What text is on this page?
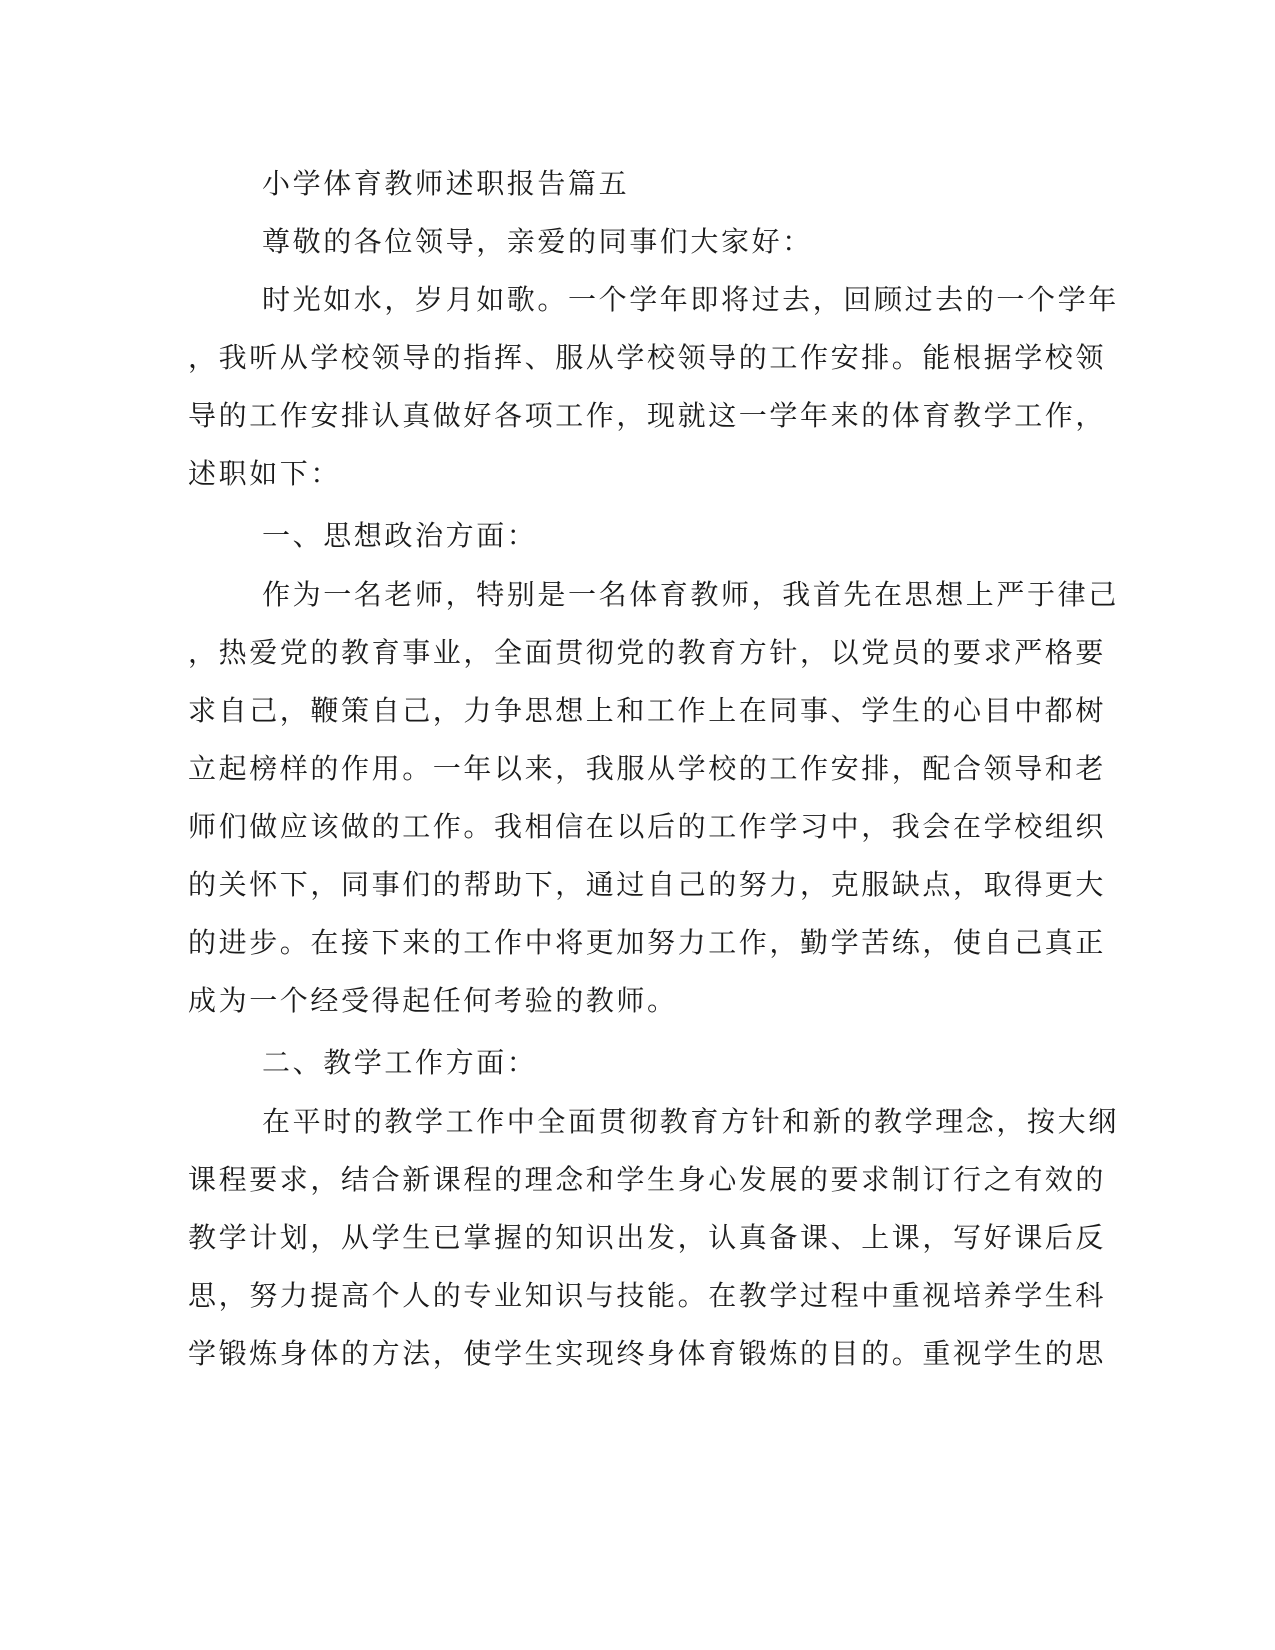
小学体育教师述职报告篇五
尊敬的各位领导，亲爱的同事们大家好：
时光如水，岁月如歌。一个学年即将过去，回顾过去的一个学年
，我听从学校领导的指挥、服从学校领导的工作安排。能根据学校领
导的工作安排认真做好各项工作，现就这一学年来的体育教学工作，
述职如下：
一、思想政治方面：
作为一名老师，特别是一名体育教师，我首先在思想上严于律己
，热爱党的教育事业，全面贯彻党的教育方针，以党员的要求严格要
求自己，鞭策自己，力争思想上和工作上在同事、学生的心目中都树
立起榜样的作用。一年以来，我服从学校的工作安排，配合领导和老
师们做应该做的工作。我相信在以后的工作学习中，我会在学校组织
的关怀下，同事们的帮助下，通过自己的努力，克服缺点，取得更大
的进步。在接下来的工作中将更加努力工作，勤学苦练，使自己真正
成为一个经受得起任何考验的教师。
二、教学工作方面：
在平时的教学工作中全面贯彻教育方针和新的教学理念，按大纲
课程要求，结合新课程的理念和学生身心发展的要求制订行之有效的
教学计划，从学生已掌握的知识出发，认真备课、上课，写好课后反
思，努力提高个人的专业知识与技能。在教学过程中重视培养学生科
学锻炼身体的方法，使学生实现终身体育锻炼的目的。重视学生的思
